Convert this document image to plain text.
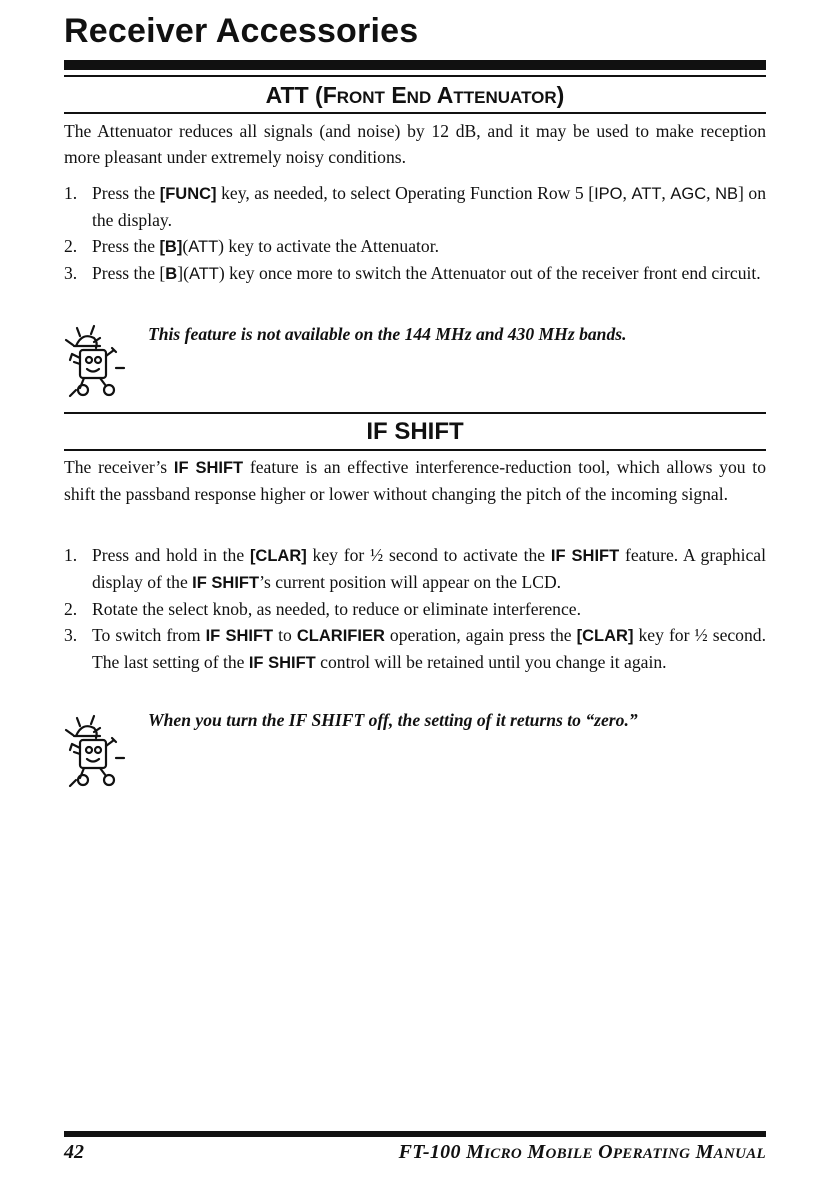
Receiver Accessories
ATT (FRONT END ATTENUATOR)
The Attenuator reduces all signals (and noise) by 12 dB, and it may be used to make reception more pleasant under extremely noisy conditions.
1. Press the [FUNC] key, as needed, to select Operating Function Row 5 [IPO, ATT, AGC, NB] on the display.
2. Press the [B](ATT) key to activate the Attenuator.
3. Press the [B](ATT) key once more to switch the Attenuator out of the receiver front end circuit.
This feature is not available on the 144 MHz and 430 MHz bands.
IF SHIFT
The receiver’s IF SHIFT feature is an effective interference-reduction tool, which allows you to shift the passband response higher or lower without changing the pitch of the incoming signal.
1. Press and hold in the [CLAR] key for ½ second to activate the IF SHIFT feature. A graphical display of the IF SHIFT’s current position will appear on the LCD.
2. Rotate the select knob, as needed, to reduce or eliminate interference.
3. To switch from IF SHIFT to CLARIFIER operation, again press the [CLAR] key for ½ second. The last setting of the IF SHIFT control will be retained until you change it again.
When you turn the IF SHIFT off, the setting of it returns to “zero.”
42	FT-100 MICRO MOBILE OPERATING MANUAL
